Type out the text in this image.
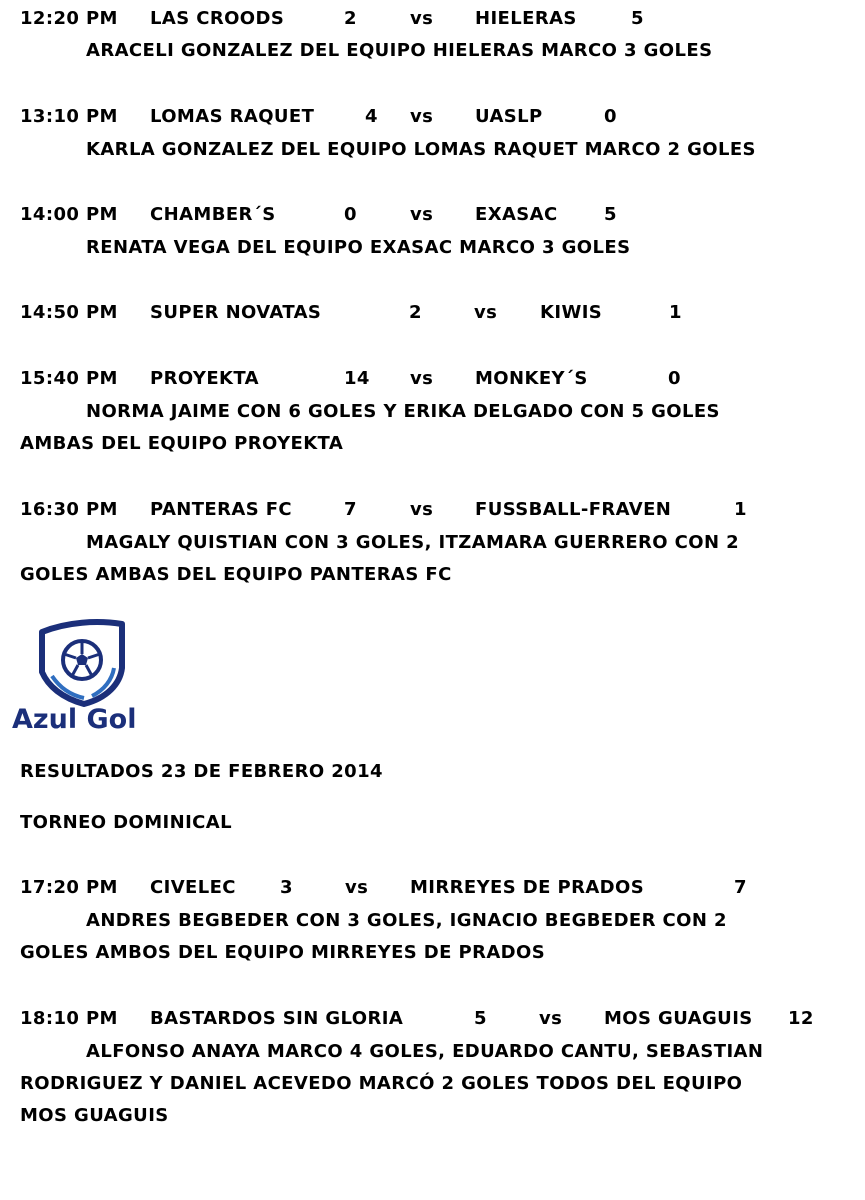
12:20 PM LAS CROODS	2	vs HIELERAS	5
ARACELI GONZALEZ DEL EQUIPO HIELERAS MARCO 3 GOLES
13:10 PM LOMAS RAQUET	4 vs UASLP	0
KARLA GONZALEZ DEL EQUIPO LOMAS RAQUET MARCO 2 GOLES
14:00 PM CHAMBER´S	0	vs EXASAC	5
RENATA VEGA DEL EQUIPO EXASAC MARCO 3 GOLES
14:50 PM SUPER NOVATAS	2	vs KIWIS	1
15:40 PM PROYEKTA	14 vs MONKEY´S	0
NORMA JAIME CON 6 GOLES Y ERIKA DELGADO CON 5 GOLES
AMBAS DEL EQUIPO PROYEKTA
16:30 PM PANTERAS FC	7	vs FUSSBALL-FRAVEN	1
MAGALY QUISTIAN CON 3 GOLES, ITZAMARA GUERRERO CON 2
GOLES AMBAS DEL EQUIPO PANTERAS FC
Azul Gol
RESULTADOS 23 DE FEBRERO 2014
TORNEO DOMINICAL
17:20 PM CIVELEC 3	vs MIRREYES DE PRADOS	7
ANDRES BEGBEDER CON 3 GOLES, IGNACIO BEGBEDER CON 2
GOLES AMBOS DEL EQUIPO MIRREYES DE PRADOS
18:10 PM BASTARDOS SIN GLORIA	5	vs MOS GUAGUIS 12
ALFONSO ANAYA MARCO 4 GOLES, EDUARDO CANTU, SEBASTIAN
RODRIGUEZ Y DANIEL ACEVEDO MARCÓ 2 GOLES TODOS DEL EQUIPO
MOS GUAGUIS
